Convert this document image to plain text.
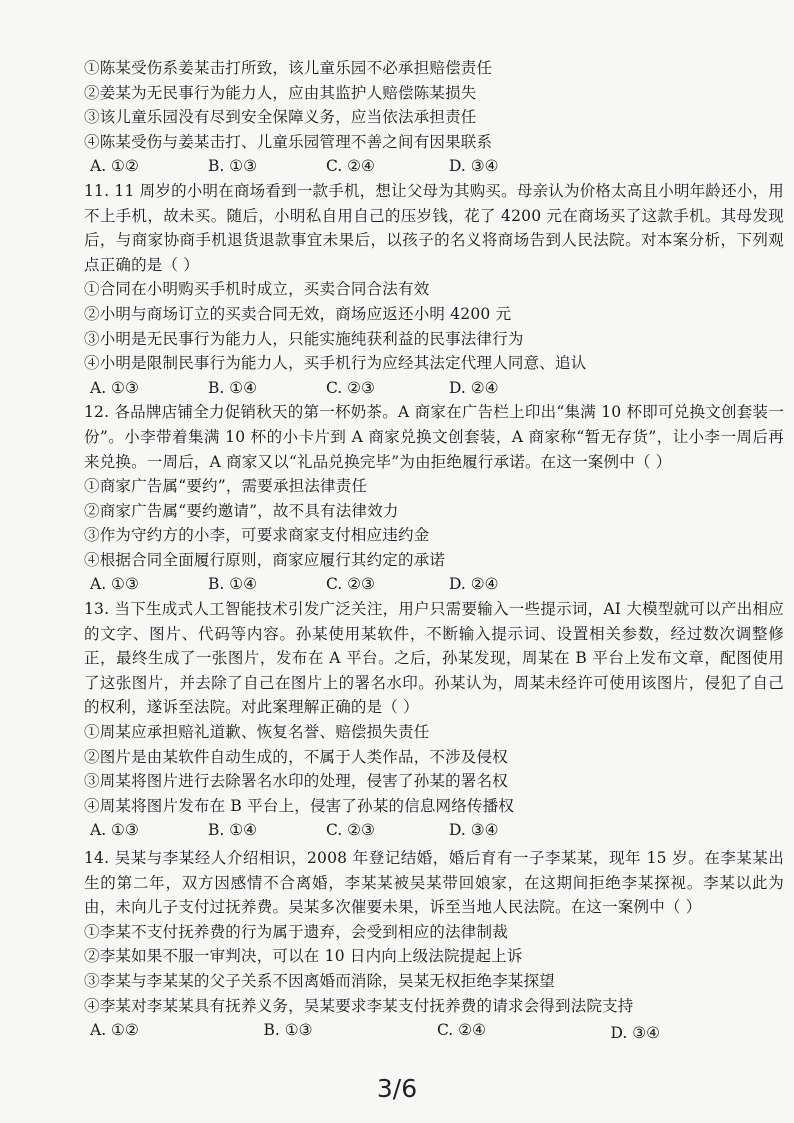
①陈某受伤系姜某击打所致，该儿童乐园不必承担赔偿责任
②姜某为无民事行为能力人，应由其监护人赔偿陈某损失
③该儿童乐园没有尽到安全保障义务，应当依法承担责任
④陈某受伤与姜某击打、儿童乐园管理不善之间有因果联系
A. ①②	B. ①③	C. ②④	D. ③④
11. 11 周岁的小明在商场看到一款手机，想让父母为其购买。母亲认为价格太高且小明年龄还小，用不上手机，故未买。随后，小明私自用自己的压岁钱，花了 4200 元在商场买了这款手机。其母发现后，与商家协商手机退货退款事宜未果后，以孩子的名义将商场告到人民法院。对本案分析，下列观点正确的是（ ）
①合同在小明购买手机时成立，买卖合同合法有效
②小明与商场订立的买卖合同无效，商场应返还小明 4200 元
③小明是无民事行为能力人，只能实施纯获利益的民事法律行为
④小明是限制民事行为能力人，买手机行为应经其法定代理人同意、追认
A. ①③	B. ①④	C. ②③	D. ②④
12. 各品牌店铺全力促销秋天的第一杯奶茶。A 商家在广告栏上印出“集满 10 杯即可兑换文创套装一份”。小李带着集满 10 杯的小卡片到 A 商家兑换文创套装，A 商家称“暂无存货”，让小李一周后再来兑换。一周后，A 商家又以“礼品兑换完毕”为由拒绝履行承诺。在这一案例中（ ）
①商家广告属“要约”，需要承担法律责任
②商家广告属“要约邀请”，故不具有法律效力
③作为守约方的小李，可要求商家支付相应违约金
④根据合同全面履行原则，商家应履行其约定的承诺
A. ①③	B. ①④	C. ②③	D. ②④
13. 当下生成式人工智能技术引发广泛关注，用户只需要输入一些提示词，AI 大模型就可以产出相应的文字、图片、代码等内容。孙某使用某软件，不断输入提示词、设置相关参数，经过数次调整修正，最终生成了一张图片，发布在 A 平台。之后，孙某发现，周某在 B 平台上发布文章，配图使用了这张图片，并去除了自己在图片上的署名水印。孙某认为，周某未经许可使用该图片，侵犯了自己的权利，遂诉至法院。对此案理解正确的是（ ）
①周某应承担赔礼道歉、恢复名誉、赔偿损失责任
②图片是由某软件自动生成的，不属于人类作品，不涉及侵权
③周某将图片进行去除署名水印的处理，侵害了孙某的署名权
④周某将图片发布在 B 平台上，侵害了孙某的信息网络传播权
A. ①③	B. ①④	C. ②③	D. ③④
14. 吴某与李某经人介绍相识，2008 年登记结婚，婚后育有一子李某某，现年 15 岁。在李某某出生的第二年，双方因感情不合离婚，李某某被吴某带回娘家，在这期间拒绝李某探视。李某以此为由，未向儿子支付过抚养费。吴某多次催要未果，诉至当地人民法院。在这一案例中（ ）
①李某不支付抚养费的行为属于遗弃，会受到相应的法律制裁
②李某如果不服一审判决，可以在 10 日内向上级法院提起上诉
③李某与李某某的父子关系不因离婚而消除，吴某无权拒绝李某探望
④李某对李某某具有抚养义务，吴某要求李某支付抚养费的请求会得到法院支持
A. ①②	B. ①③	C. ②④	D. ③④
3/6
